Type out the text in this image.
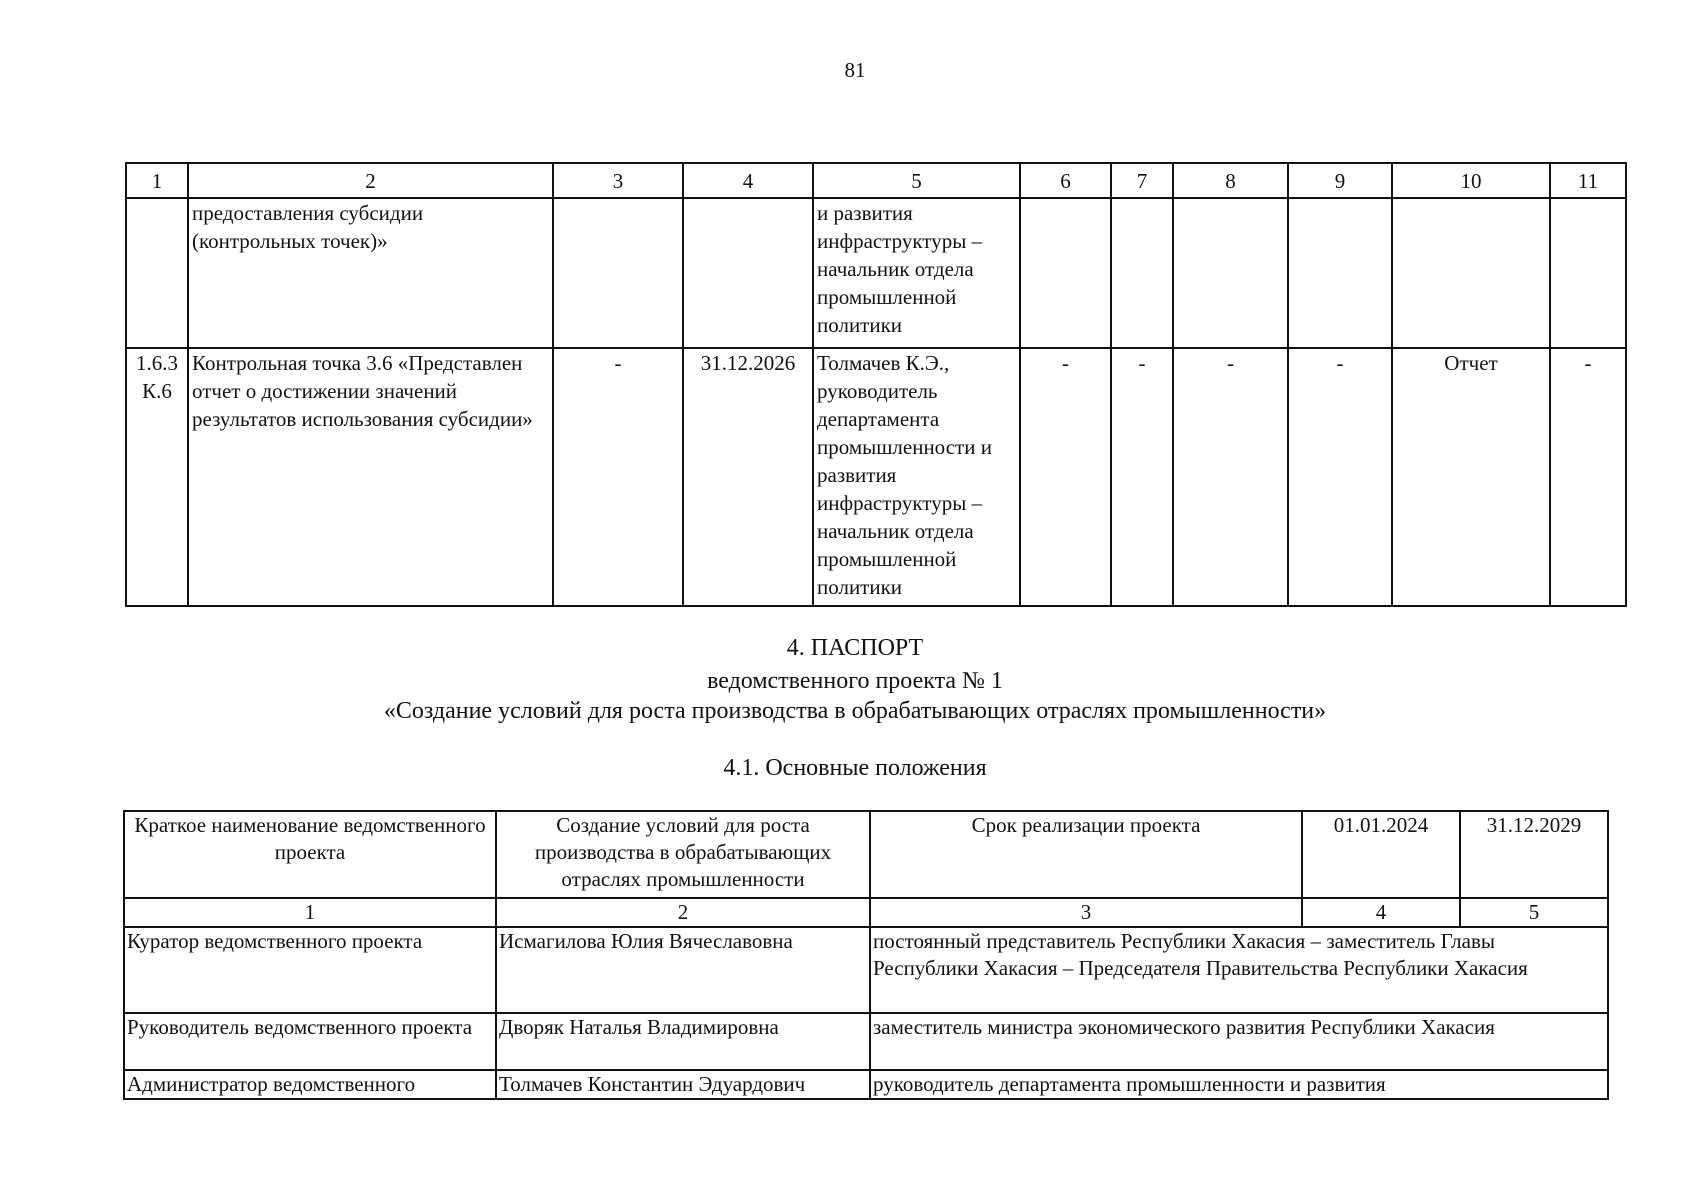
81
1	2	3	4	5	6	7	8	9	10	11
	предоставления субсидии (контрольных точек)»			и развития инфраструктуры – начальник отдела промышленной политики						
1.6.3 К.6	Контрольная точка 3.6 «Представлен отчет о достижении значений результатов использования субсидии»	-	31.12.2026	Толмачев К.Э., руководитель департамента промышленности и развития инфраструктуры – начальник отдела промышленной политики	-	-	-	-	Отчет	-
4. ПАСПОРТ
ведомственного проекта № 1
«Создание условий для роста производства в обрабатывающих отраслях промышленности»
4.1. Основные положения
Краткое наименование ведомственного проекта	Создание условий для роста производства в обрабатывающих отраслях промышленности	Срок реализации проекта	01.01.2024	31.12.2029
1	2	3	4	5
Куратор ведомственного проекта	Исмагилова Юлия Вячеславовна	постоянный представитель Республики Хакасия – заместитель Главы Республики Хакасия – Председателя Правительства Республики Хакасия		
Руководитель ведомственного проекта	Дворяк Наталья Владимировна	заместитель министра экономического развития Республики Хакасия		
Администратор ведомственного	Толмачев Константин Эдуардович	руководитель департамента промышленности и развития		
